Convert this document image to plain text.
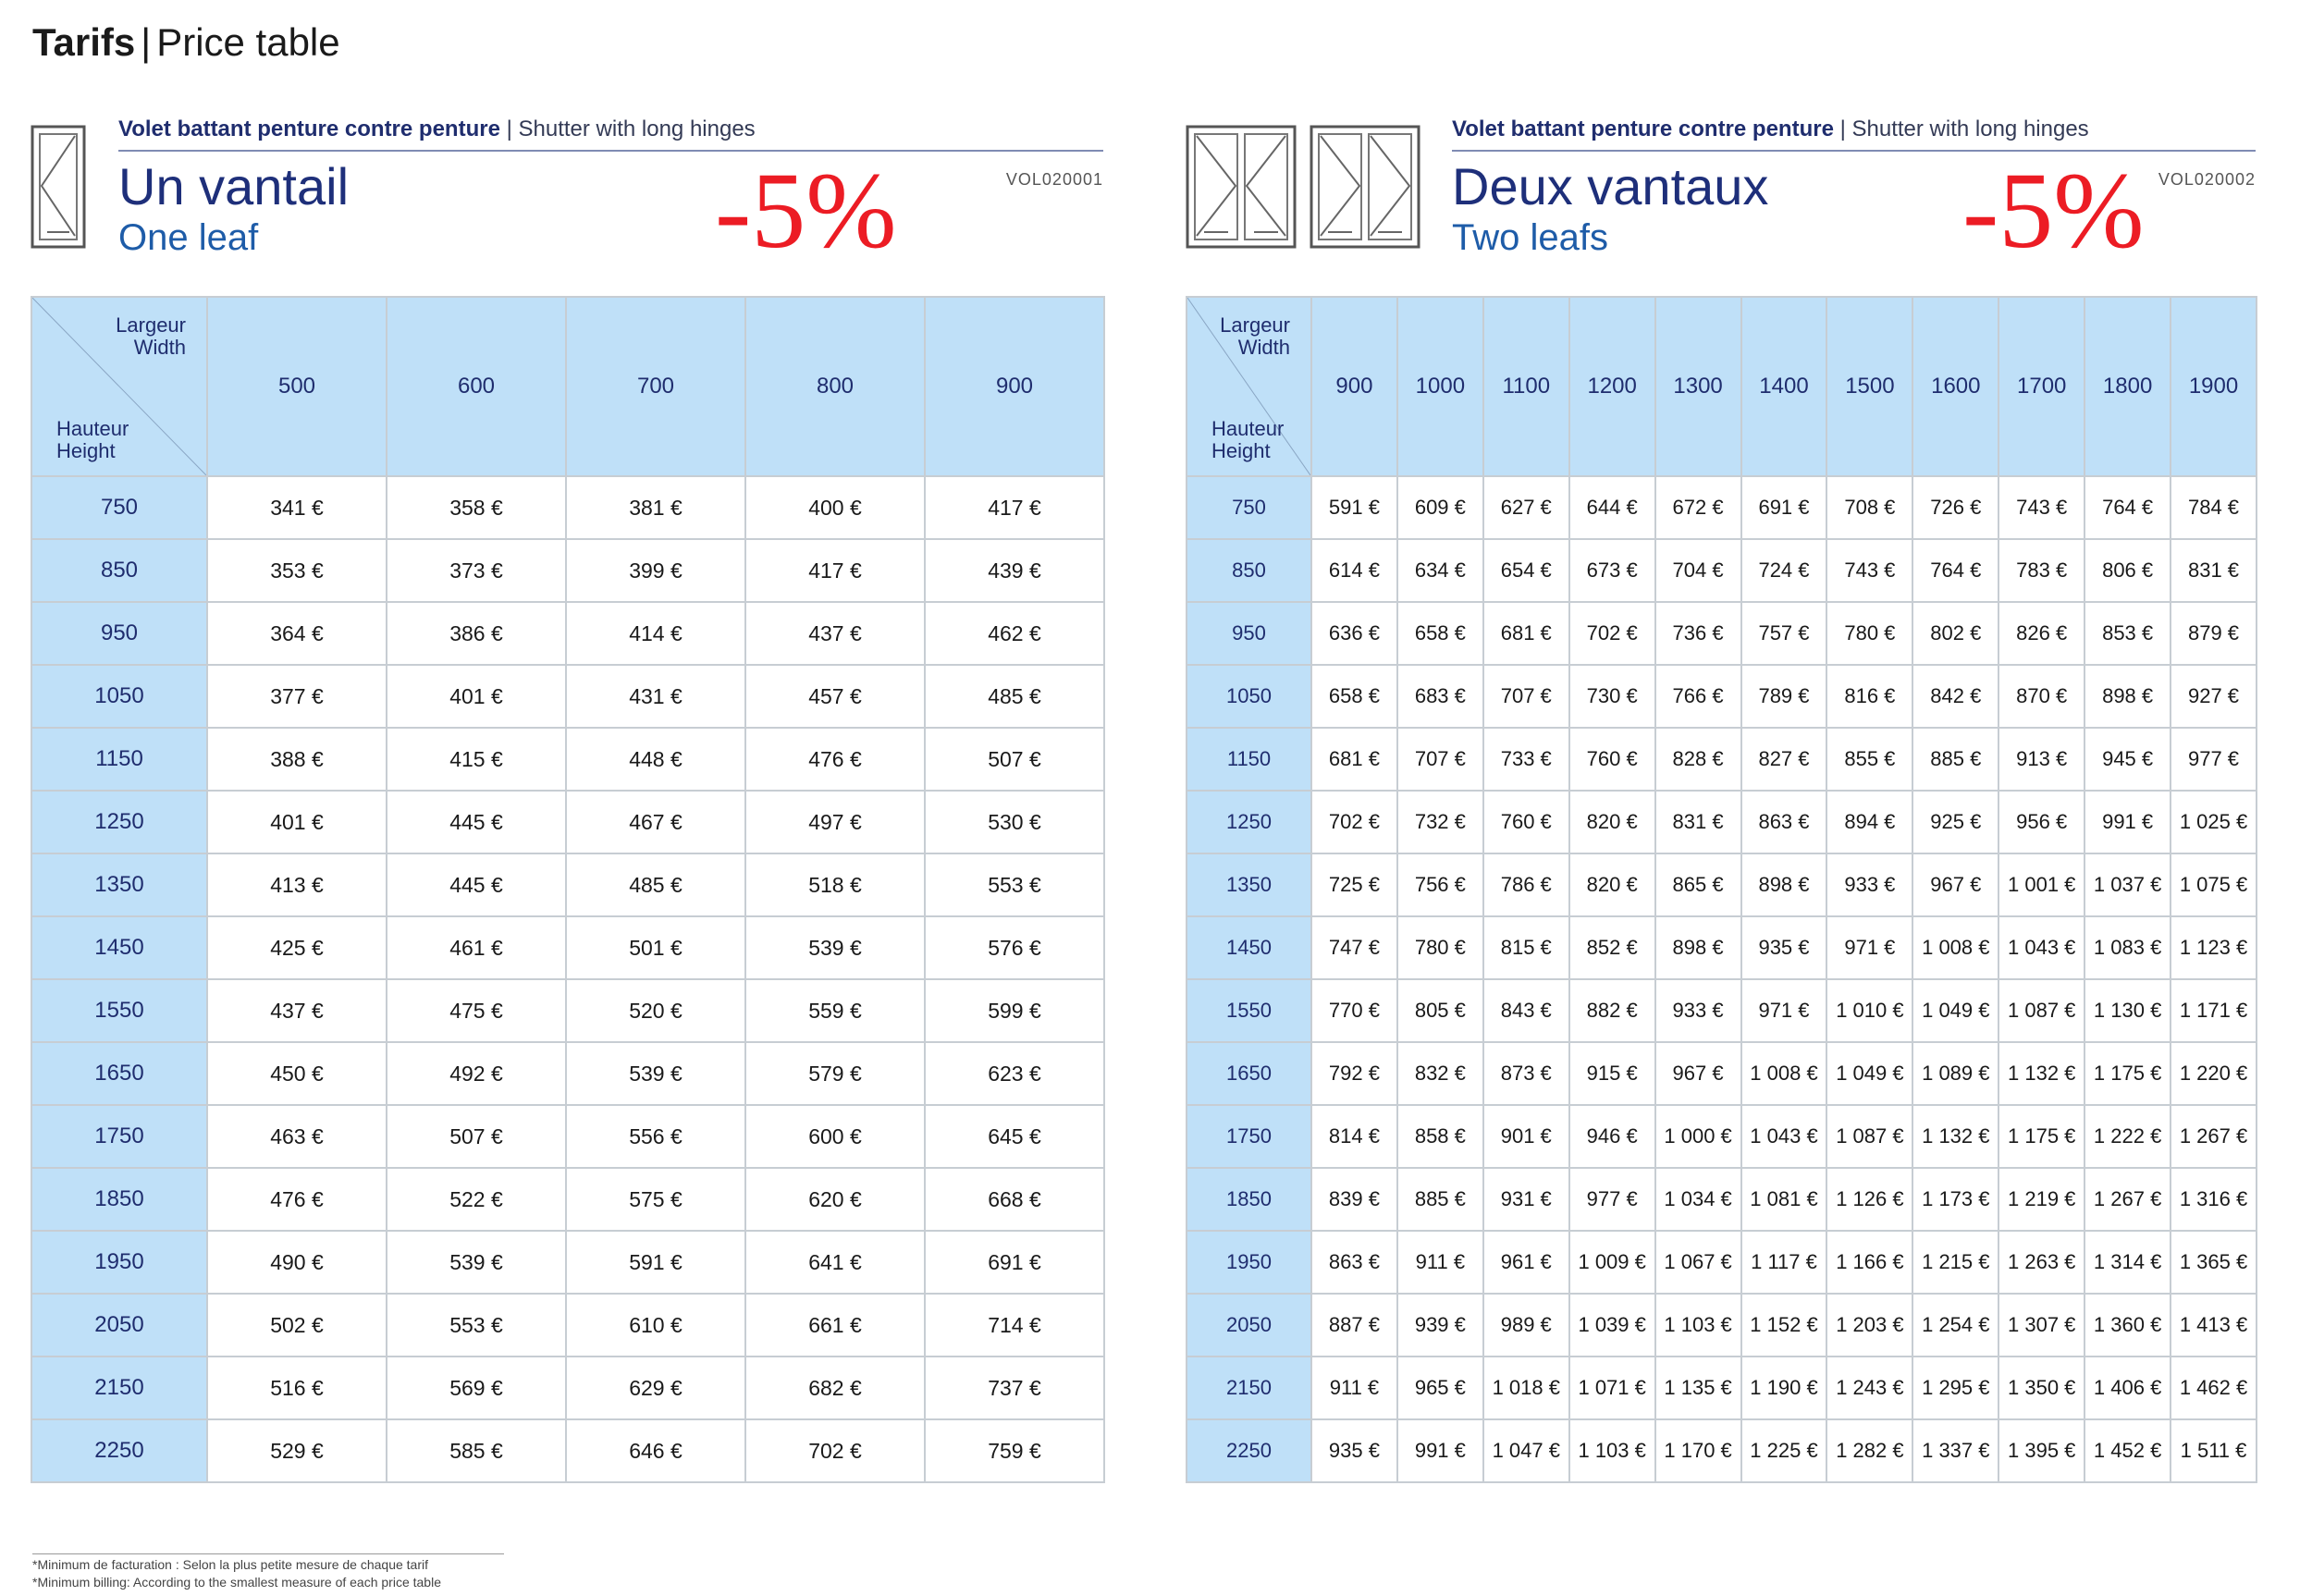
Tarifs | Price table
Volet battant penture contre penture | Shutter with long hinges
Un vantail
One leaf
VOL020001
-5%
Largeur
Width
Hauteur
Height	500	600	700	800	900
750	341 €	358 €	381 €	400 €	417 €
850	353 €	373 €	399 €	417 €	439 €
950	364 €	386 €	414 €	437 €	462 €
1050	377 €	401 €	431 €	457 €	485 €
1150	388 €	415 €	448 €	476 €	507 €
1250	401 €	445 €	467 €	497 €	530 €
1350	413 €	445 €	485 €	518 €	553 €
1450	425 €	461 €	501 €	539 €	576 €
1550	437 €	475 €	520 €	559 €	599 €
1650	450 €	492 €	539 €	579 €	623 €
1750	463 €	507 €	556 €	600 €	645 €
1850	476 €	522 €	575 €	620 €	668 €
1950	490 €	539 €	591 €	641 €	691 €
2050	502 €	553 €	610 €	661 €	714 €
2150	516 €	569 €	629 €	682 €	737 €
2250	529 €	585 €	646 €	702 €	759 €
Volet battant penture contre penture | Shutter with long hinges
Deux vantaux
Two leafs
VOL020002
-5%
Largeur
Width
Hauteur
Height	900	1000	1100	1200	1300	1400	1500	1600	1700	1800	1900
750	591 €	609 €	627 €	644 €	672 €	691 €	708 €	726 €	743 €	764 €	784 €
850	614 €	634 €	654 €	673 €	704 €	724 €	743 €	764 €	783 €	806 €	831 €
950	636 €	658 €	681 €	702 €	736 €	757 €	780 €	802 €	826 €	853 €	879 €
1050	658 €	683 €	707 €	730 €	766 €	789 €	816 €	842 €	870 €	898 €	927 €
1150	681 €	707 €	733 €	760 €	828 €	827 €	855 €	885 €	913 €	945 €	977 €
1250	702 €	732 €	760 €	820 €	831 €	863 €	894 €	925 €	956 €	991 €	1 025 €
1350	725 €	756 €	786 €	820 €	865 €	898 €	933 €	967 €	1 001 €	1 037 €	1 075 €
1450	747 €	780 €	815 €	852 €	898 €	935 €	971 €	1 008 €	1 043 €	1 083 €	1 123 €
1550	770 €	805 €	843 €	882 €	933 €	971 €	1 010 €	1 049 €	1 087 €	1 130 €	1 171 €
1650	792 €	832 €	873 €	915 €	967 €	1 008 €	1 049 €	1 089 €	1 132 €	1 175 €	1 220 €
1750	814 €	858 €	901 €	946 €	1 000 €	1 043 €	1 087 €	1 132 €	1 175 €	1 222 €	1 267 €
1850	839 €	885 €	931 €	977 €	1 034 €	1 081 €	1 126 €	1 173 €	1 219 €	1 267 €	1 316 €
1950	863 €	911 €	961 €	1 009 €	1 067 €	1 117 €	1 166 €	1 215 €	1 263 €	1 314 €	1 365 €
2050	887 €	939 €	989 €	1 039 €	1 103 €	1 152 €	1 203 €	1 254 €	1 307 €	1 360 €	1 413 €
2150	911 €	965 €	1 018 €	1 071 €	1 135 €	1 190 €	1 243 €	1 295 €	1 350 €	1 406 €	1 462 €
2250	935 €	991 €	1 047 €	1 103 €	1 170 €	1 225 €	1 282 €	1 337 €	1 395 €	1 452 €	1 511 €
*Minimum de facturation : Selon la plus petite mesure de chaque tarif
*Minimum billing: According to the smallest measure of each price table
